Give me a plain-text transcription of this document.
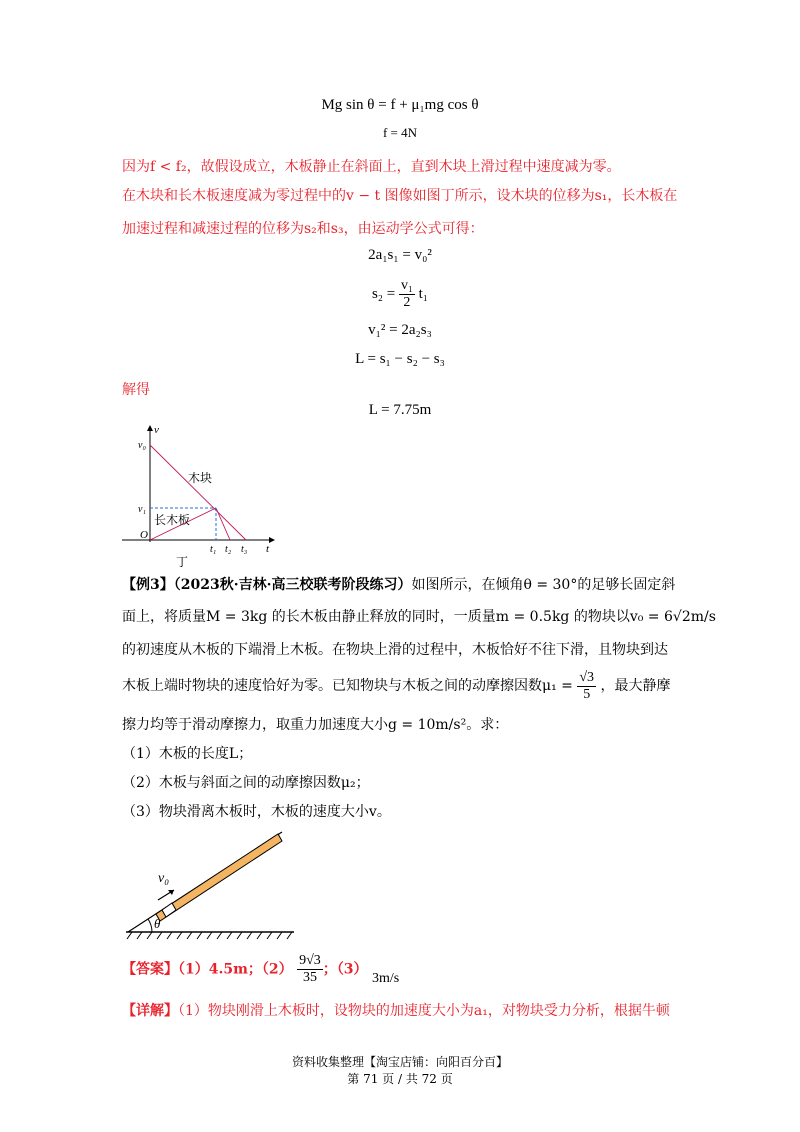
Mg sin θ = f + μ₁mg cos θ
f = 4N
因为f < f₂，故假设成立，木板静止在斜面上，直到木块上滑过程中速度减为零。
在木块和长木板速度减为零过程中的v − t 图像如图丁所示，设木块的位移为s₁，长木板在
加速过程和减速过程的位移为s₂和s₃，由运动学公式可得：
2a₁s₁ = v₀²
$s_2 = \frac{\text{v₁}}{2} t_1$
v₁² = 2a₂s₃
L = s₁ − s₂ − s₃
解得
L = 7.75m
v
t
v₀
v₁
O
木块
长木板
t₁ t₂ t₃
丁
【例3】（2023秋·吉林·高三校联考阶段练习）如图所示，在倾角θ = 30°的足够长固定斜
面上，将质量M = 3kg 的长木板由静止释放的同时，一质量m = 0.5kg 的物块以v₀ = 6√2m/s
的初速度从木板的下端滑上木板。在物块上滑的过程中，木板恰好不往下滑，且物块到达
木板上端时物块的速度恰好为零。已知物块与木板之间的动摩擦因数$\mu_1 = \frac{√3}{5}$ ，最大静摩
擦力均等于滑动摩擦力，取重力加速度大小g = 10m/s²。求：
（1）木板的长度L；
（2）木板与斜面之间的动摩擦因数μ₂；
（3）物块滑离木板时，木板的速度大小v。
v₀
θ
【答案】（1）4.5m；$(2) \frac{9√3}{35}$ ；（3） 3m/s
【详解】（1）物块刚滑上木板时，设物块的加速度大小为a₁，对物块受力分析，根据牛顿
资料收集整理【淘宝店铺：向阳百分百】
第 71 页 / 共 72 页
